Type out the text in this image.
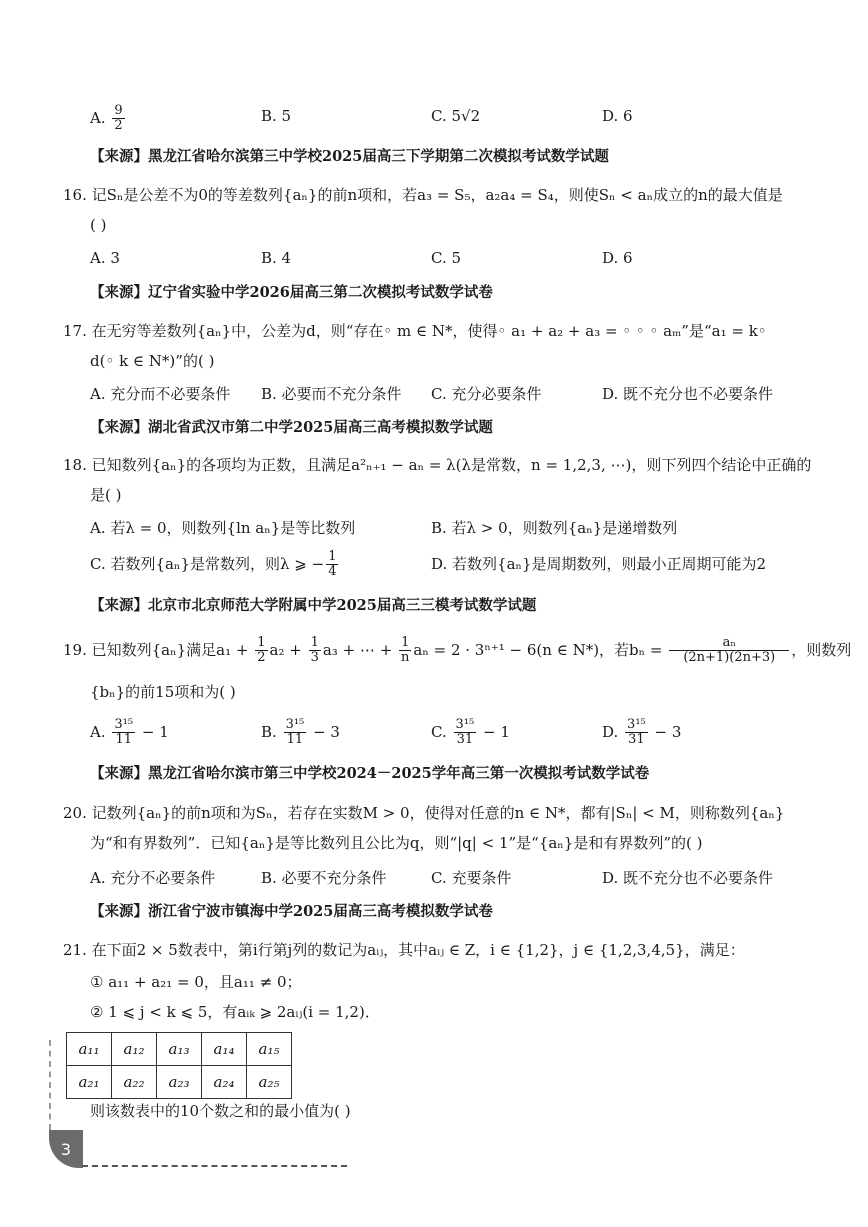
A. $\frac{9}{2}$	B. 5	C. 5√2	D. 6
【来源】黑龙江省哈尔滨第三中学校2025届高三下学期第二次模拟考试数学试题
16. 记Sₙ是公差不为0的等差数列{aₙ}的前n项和，若a₃ = S₅，a₂a₄ = S₄，则使Sₙ < aₙ成立的n的最大值是
( )
A. 3	B. 4	C. 5	D. 6
【来源】辽宁省实验中学2026届高三第二次模拟考试数学试卷
17. 在无穷等差数列{aₙ}中，公差为d，则“存在◦ m ∈ N*，使得◦ a₁ + a₂ + a₃ = ◦ ◦ ◦ aₘ”是“a₁ = k◦
d(◦ k ∈ N*)”的( )
A. 充分而不必要条件 B. 必要而不充分条件 C. 充分必要条件	D. 既不充分也不必要条件
【来源】湖北省武汉市第二中学2025届高三高考模拟数学试题
18. 已知数列{aₙ}的各项均为正数，且满足a²ₙ₊₁ − aₙ = λ(λ是常数，n = 1,2,3, ⋯)，则下列四个结论中正确的
是( )
A. 若λ = 0，则数列{ln aₙ}是等比数列	B. 若λ > 0，则数列{aₙ}是递增数列
C. 若数列{aₙ}是常数列，则λ ⩾ − $\frac{1}{4}$	D. 若数列{aₙ}是周期数列，则最小正周期可能为2
【来源】北京市北京师范大学附属中学2025届高三三模考试数学试题
19. 已知数列{aₙ}满足$a_1 + \frac{1}{2} a_2 + \frac{1}{3} a_3$ + ⋯ + $\frac{1}{n}$ aₙ = 2 · 3ⁿ⁺¹ − 6(n ∈ N*)，若$b_n = \frac{\text{aₙ}}{(2n+1)(2n+3)}$ ，则数列
{bₙ}的前15项和为( )
A. $\frac{\text{3¹⁵}}{11} - 1$	B. $\frac{\text{3¹⁵}}{11} - 3$	C. $\frac{\text{3¹⁵}}{31} - 1$	D. $\frac{\text{3¹⁵}}{31} - 3$
【来源】黑龙江省哈尔滨市第三中学校2024－2025学年高三第一次模拟考试数学试卷
20. 记数列{aₙ}的前n项和为Sₙ，若存在实数M > 0，使得对任意的n ∈ N*，都有|Sₙ| < M，则称数列{aₙ}
为“和有界数列”．已知{aₙ}是等比数列且公比为q，则“|q| < 1”是“{aₙ}是和有界数列”的( )
A. 充分不必要条件	B. 必要不充分条件	C. 充要条件	D. 既不充分也不必要条件
【来源】浙江省宁波市镇海中学2025届高三高考模拟数学试卷
21. 在下面2 × 5数表中，第i行第j列的数记为aᵢⱼ，其中aᵢⱼ ∈ Z，i ∈ {1,2}，j ∈ {1,2,3,4,5}，满足：
① a₁₁ + a₂₁ = 0，且a₁₁ ≠ 0；
② 1 ⩽ j < k ⩽ 5，有aᵢₖ ⩾ 2aᵢⱼ(i = 1,2)．
a₁₁	a₁₂	a₁₃	a₁₄	a₁₅
a₂₁	a₂₂	a₂₃	a₂₄	a₂₅
则该数表中的10个数之和的最小值为( )
3
